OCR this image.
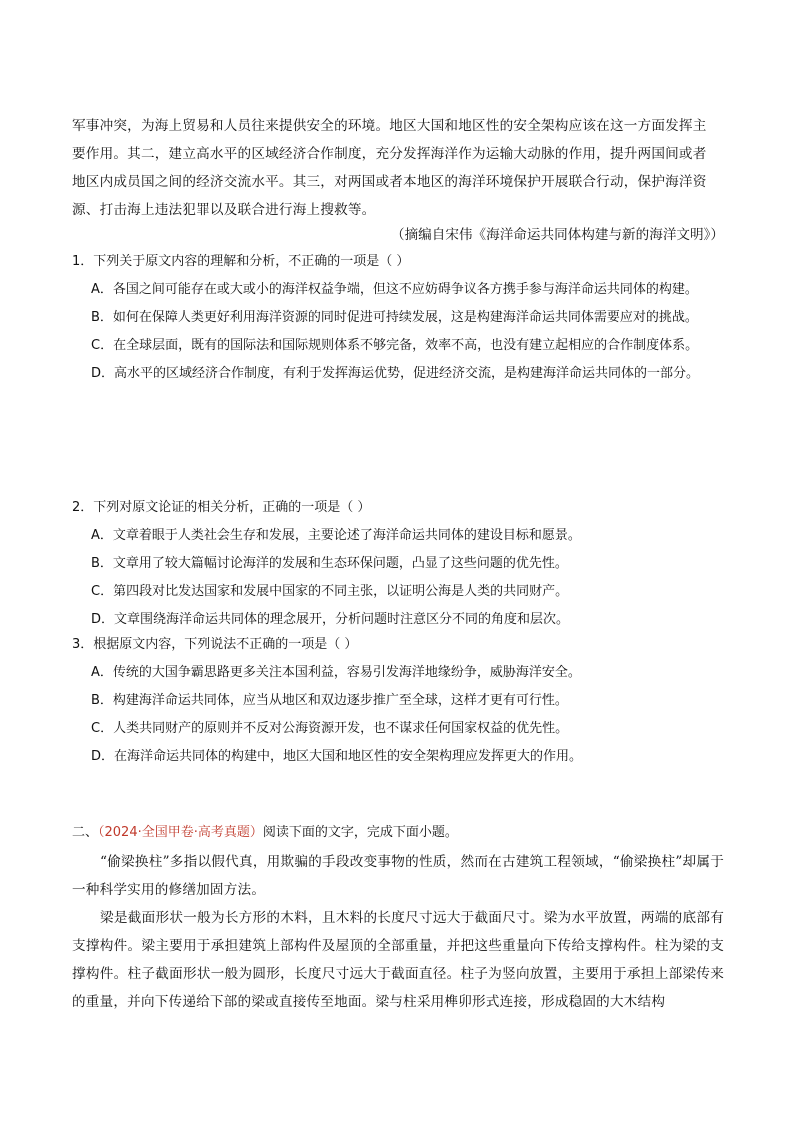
军事冲突，为海上贸易和人员往来提供安全的环境。地区大国和地区性的安全架构应该在这一方面发挥主

要作用。其二，建立高水平的区域经济合作制度，充分发挥海洋作为运输大动脉的作用，提升两国间或者

地区内成员国之间的经济交流水平。其三，对两国或者本地区的海洋环境保护开展联合行动，保护海洋资

源、打击海上违法犯罪以及联合进行海上搜救等。

（摘编自宋伟《海洋命运共同体构建与新的海洋文明》）
1．下列关于原文内容的理解和分析，不正确的一项是（ ）
A．各国之间可能存在或大或小的海洋权益争端，但这不应妨碍争议各方携手参与海洋命运共同体的构建。
B．如何在保障人类更好利用海洋资源的同时促进可持续发展，这是构建海洋命运共同体需要应对的挑战。
C．在全球层面，既有的国际法和国际规则体系不够完备，效率不高，也没有建立起相应的合作制度体系。
D．高水平的区域经济合作制度，有利于发挥海运优势，促进经济交流，是构建海洋命运共同体的一部分。
2．下列对原文论证的相关分析，正确的一项是（ ）
A．文章着眼于人类社会生存和发展，主要论述了海洋命运共同体的建设目标和愿景。
B．文章用了较大篇幅讨论海洋的发展和生态环保问题，凸显了这些问题的优先性。
C．第四段对比发达国家和发展中国家的不同主张，以证明公海是人类的共同财产。
D．文章围绕海洋命运共同体的理念展开，分析问题时注意区分不同的角度和层次。
3．根据原文内容，下列说法不正确的一项是（ ）
A．传统的大国争霸思路更多关注本国利益，容易引发海洋地缘纷争，威胁海洋安全。
B．构建海洋命运共同体，应当从地区和双边逐步推广至全球，这样才更有可行性。
C．人类共同财产的原则并不反对公海资源开发，也不谋求任何国家权益的优先性。
D．在海洋命运共同体的构建中，地区大国和地区性的安全架构理应发挥更大的作用。
二、（2024·全国甲卷·高考真题）阅读下面的文字，完成下面小题。

“偷梁换柱”多指以假代真，用欺骗的手段改变事物的性质，然而在古建筑工程领域，“偷梁换柱”却属于一种科学实用的修缮加固方法。

梁是截面形状一般为长方形的木料，且木料的长度尺寸远大于截面尺寸。梁为水平放置，两端的底部有支撑构件。梁主要用于承担建筑上部构件及屋顶的全部重量，并把这些重量向下传给支撑构件。柱为梁的支撑构件。柱子截面形状一般为圆形，长度尺寸远大于截面直径。柱子为竖向放置，主要用于承担上部梁传来的重量，并向下传递给下部的梁或直接传至地面。梁与柱采用榫卯形式连接，形成稳固的大木结构
